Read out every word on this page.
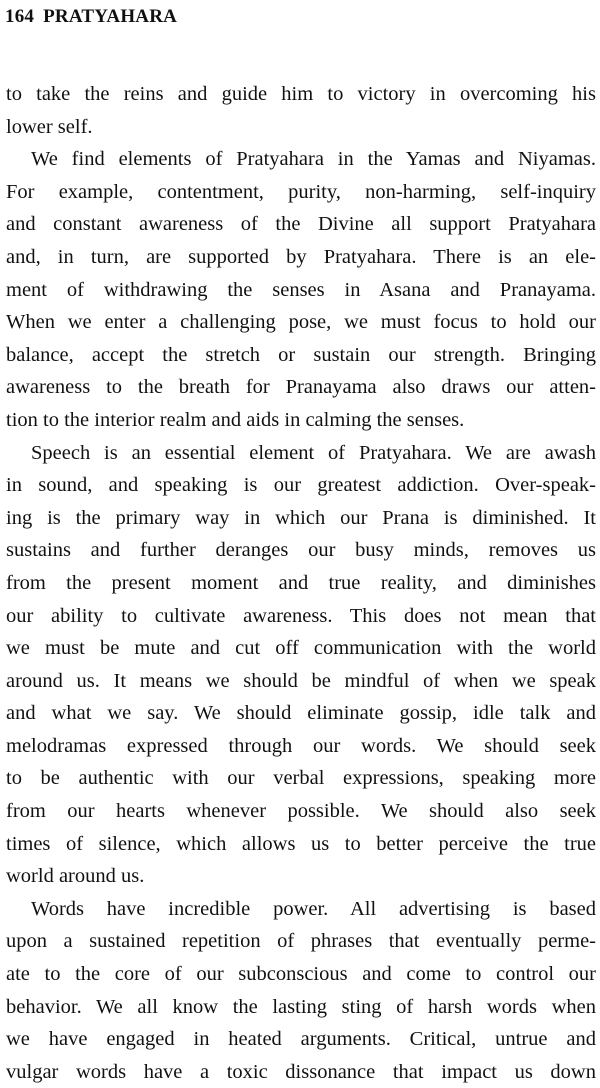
164 PRATYAHARA
to take the reins and guide him to victory in overcoming his
lower self.
We find elements of Pratyahara in the Yamas and Niyamas.
For example, contentment, purity, non-harming, self-inquiry
and constant awareness of the Divine all support Pratyahara
and, in turn, are supported by Pratyahara. There is an ele-
ment of withdrawing the senses in Asana and Pranayama.
When we enter a challenging pose, we must focus to hold our
balance, accept the stretch or sustain our strength. Bringing
awareness to the breath for Pranayama also draws our atten-
tion to the interior realm and aids in calming the senses.
Speech is an essential element of Pratyahara. We are awash
in sound, and speaking is our greatest addiction. Over-speak-
ing is the primary way in which our Prana is diminished. It
sustains and further deranges our busy minds, removes us
from the present moment and true reality, and diminishes
our ability to cultivate awareness. This does not mean that
we must be mute and cut off communication with the world
around us. It means we should be mindful of when we speak
and what we say. We should eliminate gossip, idle talk and
melodramas expressed through our words. We should seek
to be authentic with our verbal expressions, speaking more
from our hearts whenever possible. We should also seek
times of silence, which allows us to better perceive the true
world around us.
Words have incredible power. All advertising is based
upon a sustained repetition of phrases that eventually perme-
ate to the core of our subconscious and come to control our
behavior. We all know the lasting sting of harsh words when
we have engaged in heated arguments. Critical, untrue and
vulgar words have a toxic dissonance that impact us down
